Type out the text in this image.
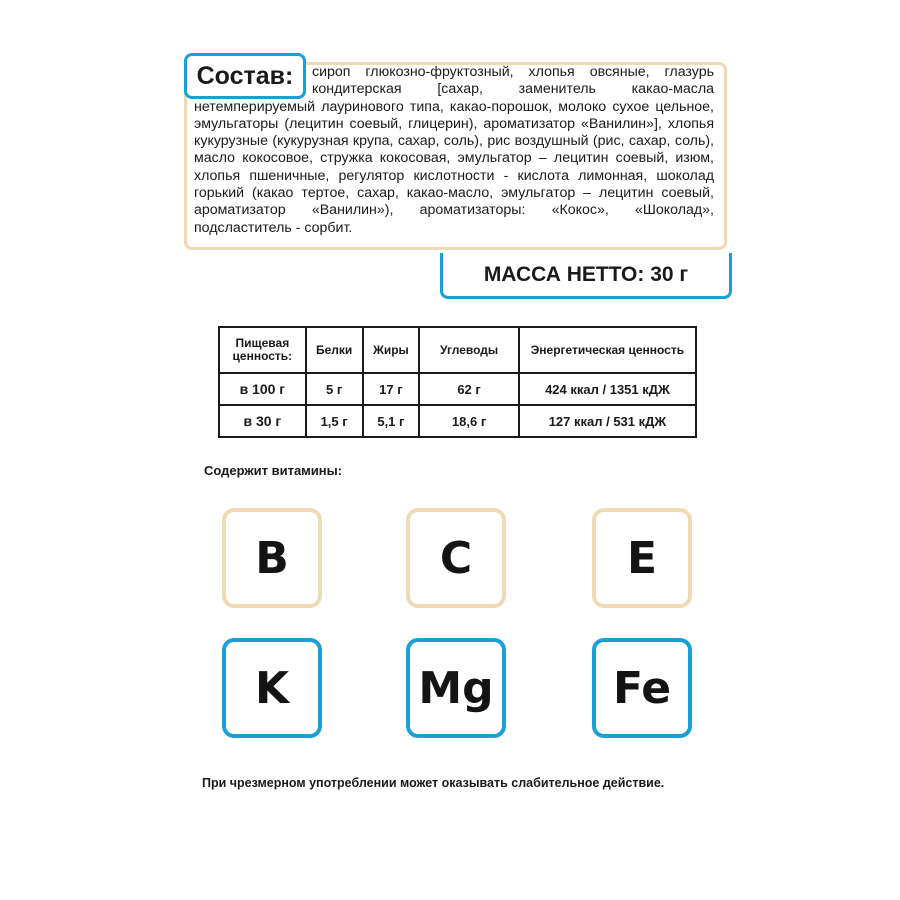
Состав:	сироп глюкозно-фруктозный, хлопья овсяные, глазурь кондитерская [сахар, заменитель какао-масла нетемперируемый лауринового типа, какао-порошок, молоко сухое цельное, эмульгаторы (лецитин соевый, глицерин), ароматизатор «Ванилин»], хлопья кукурузные (кукурузная крупа, сахар, соль), рис воздушный (рис, сахар, соль), масло кокосовое, стружка кокосовая, эмульгатор – лецитин соевый, изюм, хлопья пшеничные, регулятор кислотности - кислота лимонная, шоколад горький (какао тертое, сахар, какао-масло, эмульгатор – лецитин соевый, ароматизатор «Ванилин»), ароматизаторы: «Кокос», «Шоколад», подсластитель - сорбит.
МАССА НЕТТО: 30 г
Пищевая ценность:	Белки	Жиры	Углеводы	Энергетическая ценность
в 100 г	5 г	17 г	62 г	424 ккал / 1351 кДЖ
в 30 г	1,5 г	5,1 г	18,6 г	127 ккал / 531 кДЖ
Содержит витамины:
B	C	E
K	Mg	Fe
При чрезмерном употреблении может оказывать слабительное действие.
